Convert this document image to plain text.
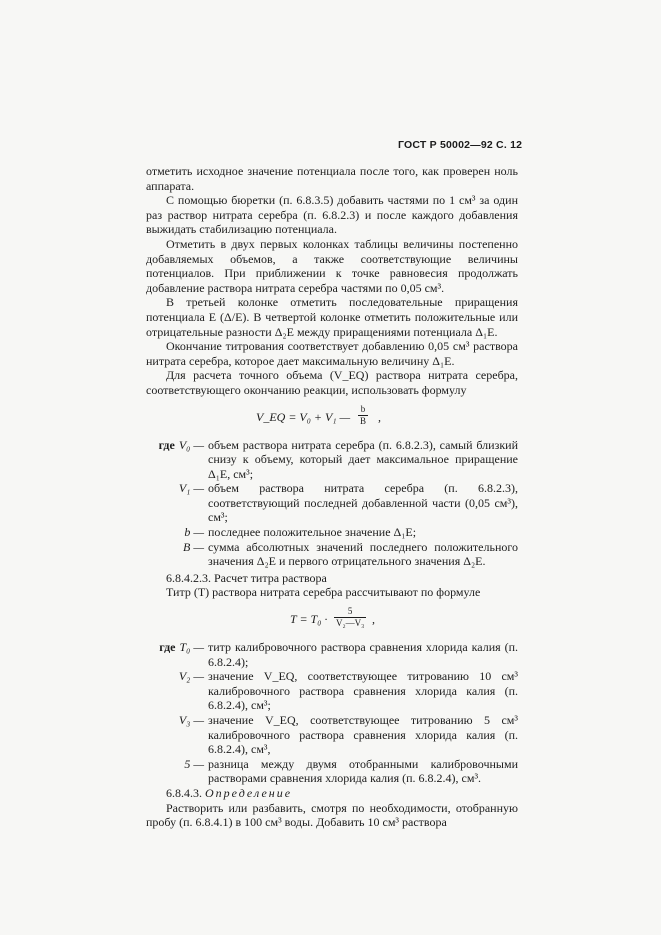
ГОСТ Р 50002—92 С. 12

отметить исходное значение потенциала после того, как проверен ноль аппарата.

С помощью бюретки (п. 6.8.3.5) добавить частями по 1 см³ за один раз раствор нитрата серебра (п. 6.8.2.3) и после каждого добавления выжидать стабилизацию потенциала.

Отметить в двух первых колонках таблицы величины постепенно добавляемых объемов, а также соответствующие величины потенциалов. При приближении к точке равновесия продолжать добавление раствора нитрата серебра частями по 0,05 см³.

В третьей колонке отметить последовательные приращения потенциала E (Δ/E). В четвертой колонке отметить положительные или отрицательные разности Δ₂E между приращениями потенциала Δ₁E.

Окончание титрования соответствует добавлению 0,05 см³ раствора нитрата серебра, которое дает максимальную величину Δ₁E.

Для расчета точного объема (V_EQ) раствора нитрата серебра, соответствующего окончанию реакции, использовать формулу

V_EQ = V₀ + V₁ — $\frac{b}{B}$ ,
где V₀ — объем раствора нитрата серебра (п. 6.8.2.3), самый близкий снизу к объему, который дает максимальное приращение Δ₁E, см³;
V₁ — объем раствора нитрата серебра (п. 6.8.2.3), соответствующий последней добавленной части (0,05 см³), см³;
b — последнее положительное значение Δ₁E;
B — сумма абсолютных значений последнего положительного значения Δ₂E и первого отрицательного значения Δ₂E.

6.8.4.2.3. Расчет титра раствора

Титр (T) раствора нитрата серебра рассчитывают по формуле

$T = T_0 \cdot \frac{5}{\text{V₂—V₃}}$ ,
где T₀ — титр калибровочного раствора сравнения хлорида калия (п. 6.8.2.4);
V₂ — значение V_EQ, соответствующее титрованию 10 см³ калибровочного раствора сравнения хлорида калия (п. 6.8.2.4), см³;
V₃ — значение V_EQ, соответствующее титрованию 5 см³ калибровочного раствора сравнения хлорида калия (п. 6.8.2.4), см³,
5 — разница между двумя отобранными калибровочными растворами сравнения хлорида калия (п. 6.8.2.4), см³.

6.8.4.3. Определение

Растворить или разбавить, смотря по необходимости, отобранную пробу (п. 6.8.4.1) в 100 см³ воды. Добавить 10 см³ раствора
